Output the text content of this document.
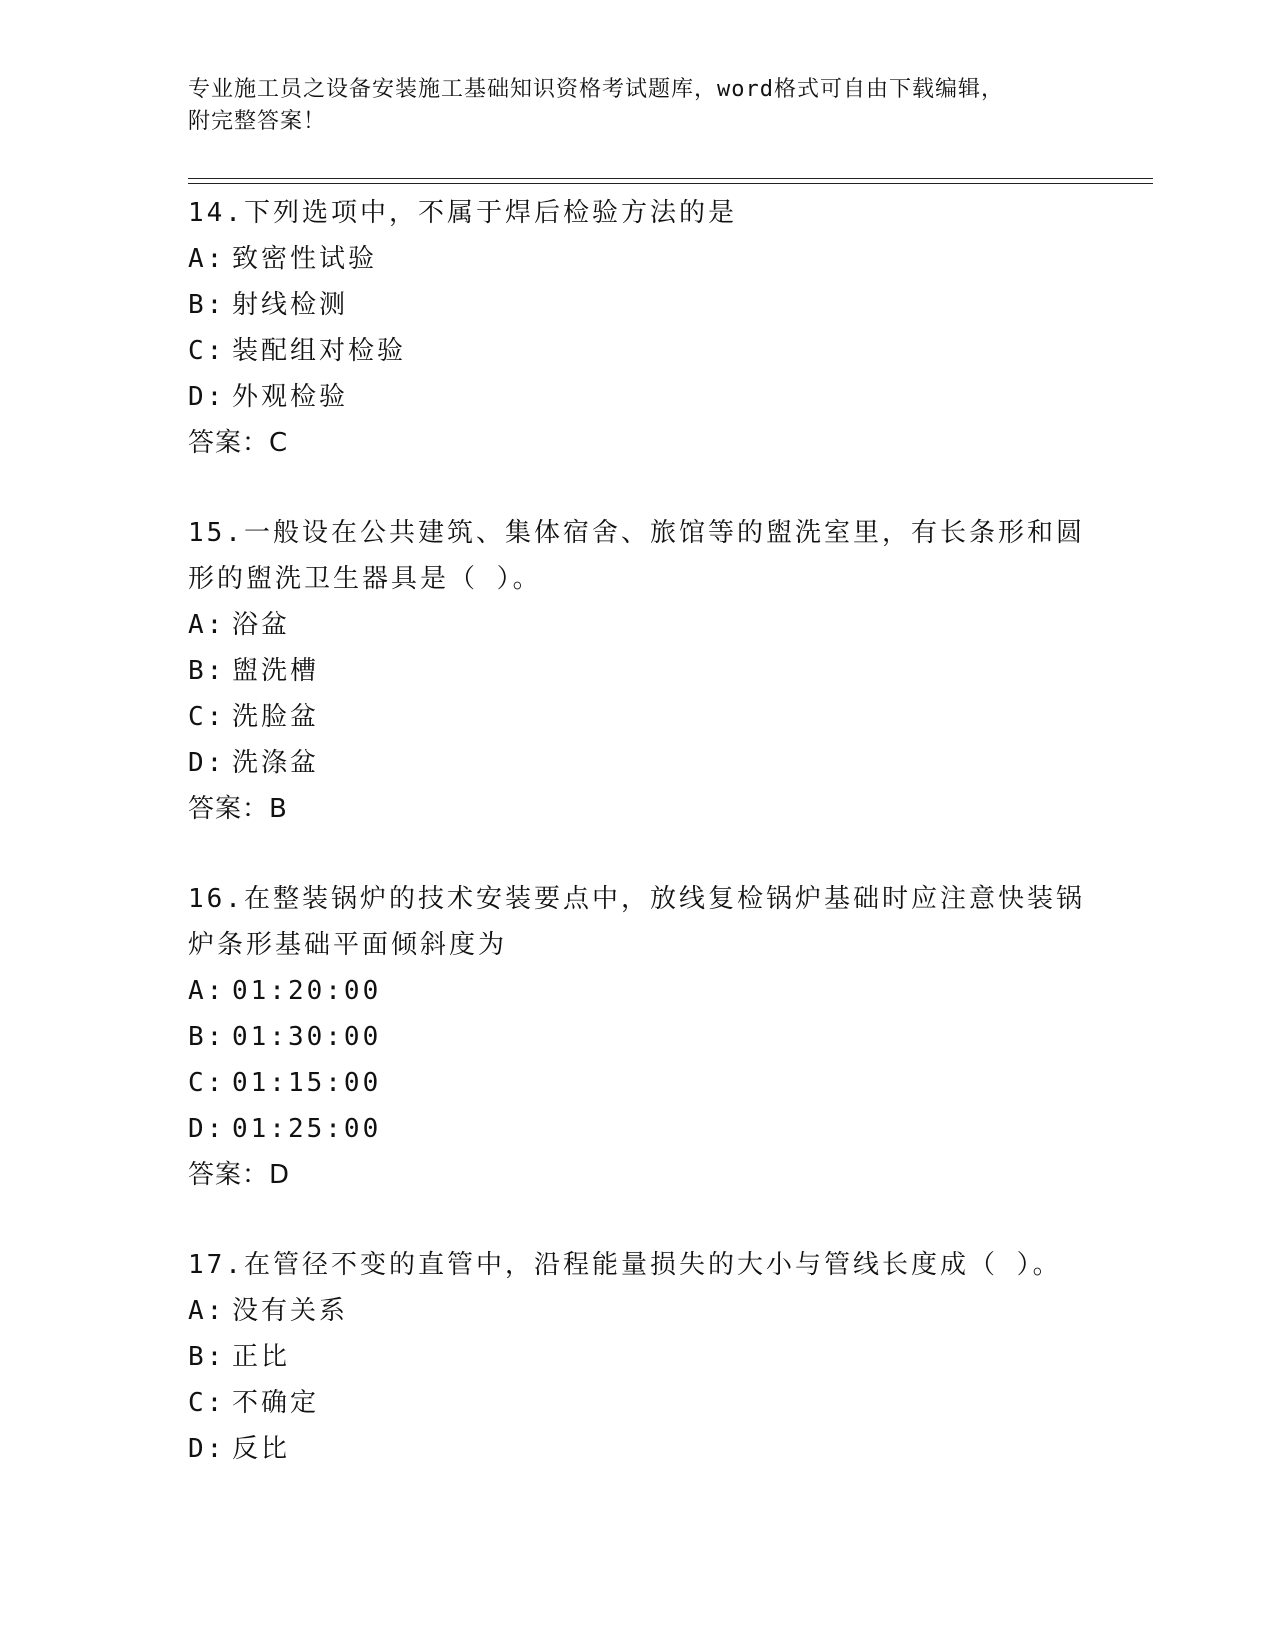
专业施工员之设备安装施工基础知识资格考试题库，word格式可自由下载编辑，
附完整答案！

14.下列选项中，不属于焊后检验方法的是

A: 致密性试验

B: 射线检测

C: 装配组对检验

D: 外观检验

答案：C

15.一般设在公共建筑、集体宿舍、旅馆等的盥洗室里，有长条形和圆形的盥洗卫生器具是（ ）。

A: 浴盆

B: 盥洗槽

C: 洗脸盆

D: 洗涤盆

答案：B

16.在整装锅炉的技术安装要点中，放线复检锅炉基础时应注意快装锅炉条形基础平面倾斜度为

A: 01:20:00

B: 01:30:00

C: 01:15:00

D: 01:25:00

答案：D

17.在管径不变的直管中，沿程能量损失的大小与管线长度成（ ）。

A: 没有关系

B: 正比

C: 不确定

D: 反比
